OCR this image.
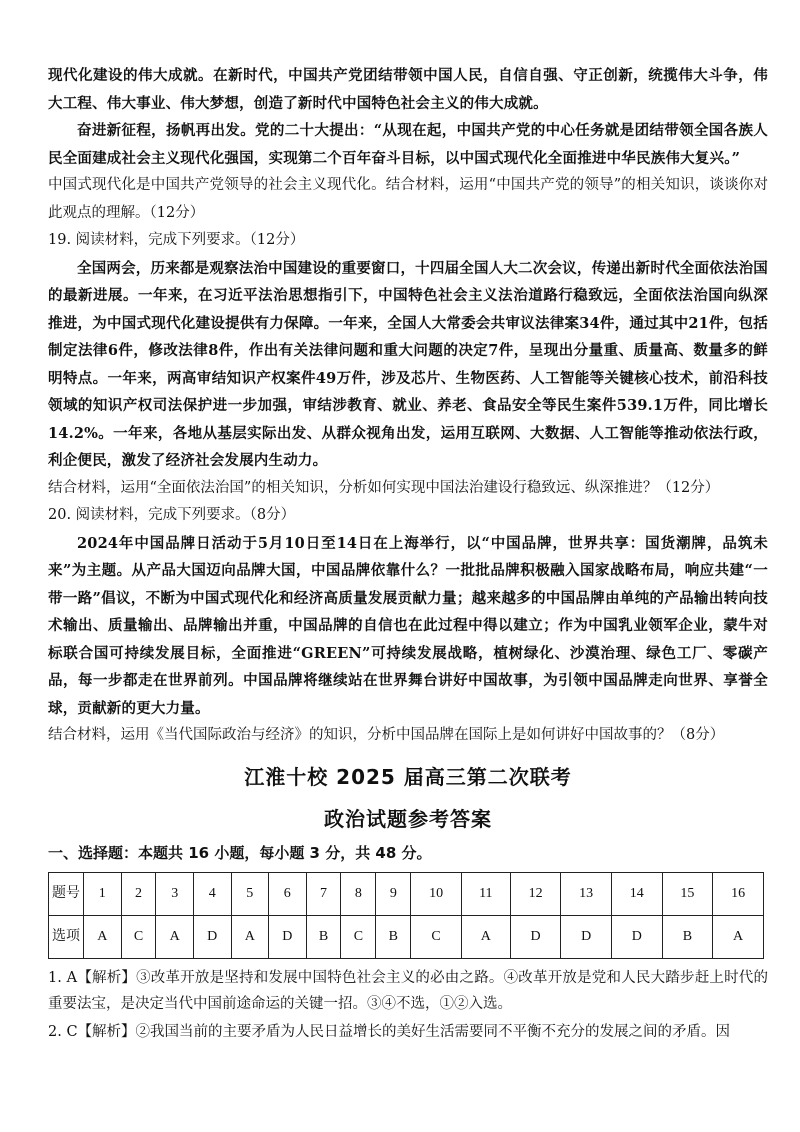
现代化建设的伟大成就。在新时代，中国共产党团结带领中国人民，自信自强、守正创新，统揽伟大斗争，伟大工程、伟大事业、伟大梦想，创造了新时代中国特色社会主义的伟大成就。

奋进新征程，扬帆再出发。党的二十大提出：“从现在起，中国共产党的中心任务就是团结带领全国各族人民全面建成社会主义现代化强国，实现第二个百年奋斗目标，以中国式现代化全面推进中华民族伟大复兴。”

中国式现代化是中国共产党领导的社会主义现代化。结合材料，运用“中国共产党的领导”的相关知识，谈谈你对此观点的理解。（12分）

19. 阅读材料，完成下列要求。（12分）

全国两会，历来都是观察法治中国建设的重要窗口，十四届全国人大二次会议，传递出新时代全面依法治国的最新进展。一年来，在习近平法治思想指引下，中国特色社会主义法治道路行稳致远，全面依法治国向纵深推进，为中国式现代化建设提供有力保障。一年来，全国人大常委会共审议法律案34件，通过其中21件，包括制定法律6件，修改法律8件，作出有关法律问题和重大问题的决定7件，呈现出分量重、质量高、数量多的鲜明特点。一年来，两高审结知识产权案件49万件，涉及芯片、生物医药、人工智能等关键核心技术，前沿科技领域的知识产权司法保护进一步加强，审结涉教育、就业、养老、食品安全等民生案件539.1万件，同比增长14.2%。一年来，各地从基层实际出发、从群众视角出发，运用互联网、大数据、人工智能等推动依法行政，利企便民，激发了经济社会发展内生动力。

结合材料，运用“全面依法治国”的相关知识，分析如何实现中国法治建设行稳致远、纵深推进？（12分）

20. 阅读材料，完成下列要求。（8分）

2024年中国品牌日活动于5月10日至14日在上海举行，以“中国品牌，世界共享：国货潮牌，品筑未来”为主题。从产品大国迈向品牌大国，中国品牌依靠什么？一批批品牌积极融入国家战略布局，响应共建“一带一路”倡议，不断为中国式现代化和经济高质量发展贡献力量；越来越多的中国品牌由单纯的产品输出转向技术输出、质量输出、品牌输出并重，中国品牌的自信也在此过程中得以建立；作为中国乳业领军企业，蒙牛对标联合国可持续发展目标，全面推进“GREEN”可持续发展战略，植树绿化、沙漠治理、绿色工厂、零碳产品，每一步都走在世界前列。中国品牌将继续站在世界舞台讲好中国故事，为引领中国品牌走向世界、享誉全球，贡献新的更大力量。

结合材料，运用《当代国际政治与经济》的知识，分析中国品牌在国际上是如何讲好中国故事的？（8分）

江淮十校 2025 届高三第二次联考
政治试题参考答案
一、选择题：本题共 16 小题，每小题 3 分，共 48 分。
题号	1	2	3	4	5	6	7	8	9	10	11	12	13	14	15	16
选项	A	C	A	D	A	D	B	C	B	C	A	D	D	D	B	A

1. A【解析】③改革开放是坚持和发展中国特色社会主义的必由之路。④改革开放是党和人民大踏步赶上时代的重要法宝，是决定当代中国前途命运的关键一招。③④不选，①②入选。

2. C【解析】②我国当前的主要矛盾为人民日益增长的美好生活需要同不平衡不充分的发展之间的矛盾。因
